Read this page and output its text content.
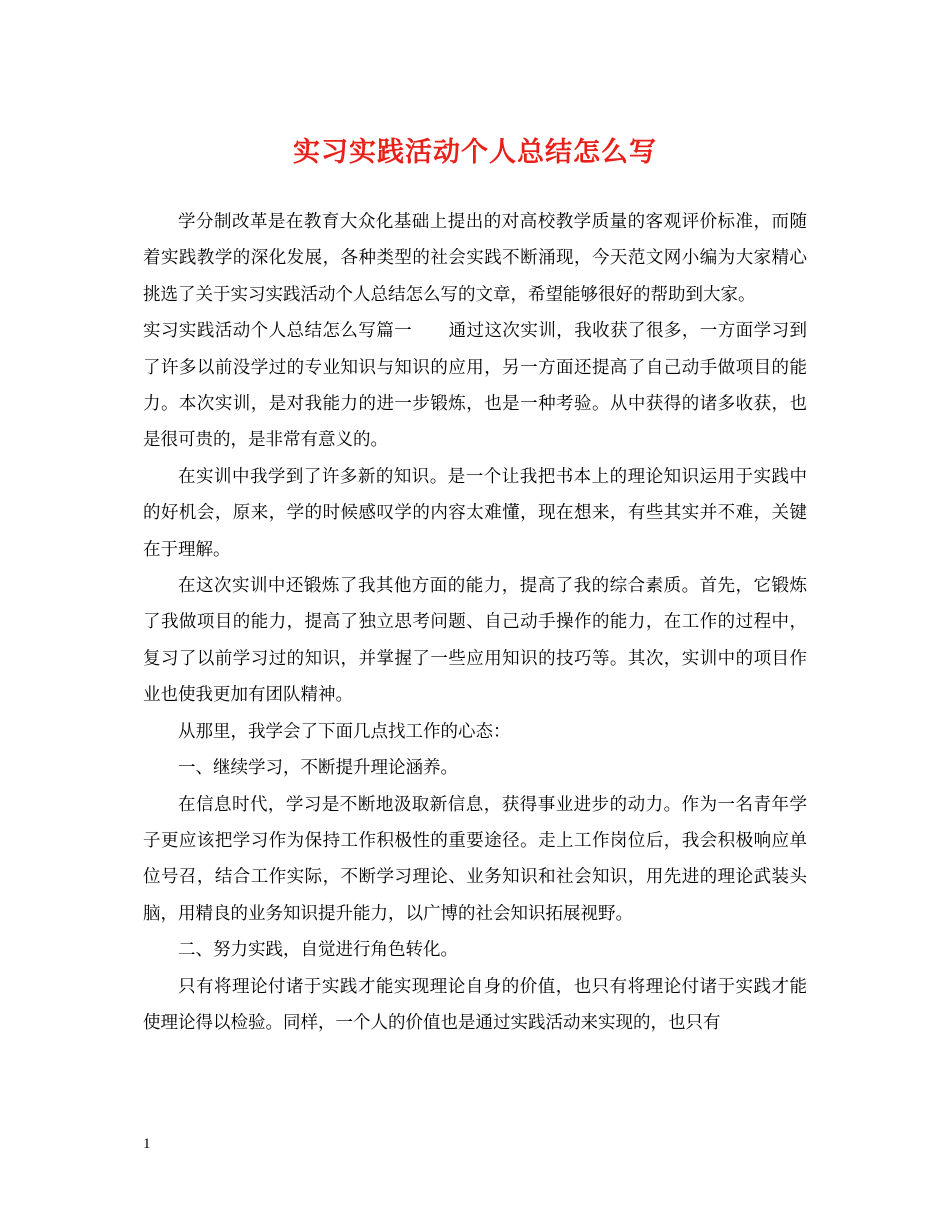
实习实践活动个人总结怎么写

学分制改革是在教育大众化基础上提出的对高校教学质量的客观评价标准，而随着实践教学的深化发展，各种类型的社会实践不断涌现，今天范文网小编为大家精心挑选了关于实习实践活动个人总结怎么写的文章，希望能够很好的帮助到大家。

实习实践活动个人总结怎么写篇一 通过这次实训，我收获了很多，一方面学习到了许多以前没学过的专业知识与知识的应用，另一方面还提高了自己动手做项目的能力。本次实训，是对我能力的进一步锻炼，也是一种考验。从中获得的诸多收获，也是很可贵的，是非常有意义的。

在实训中我学到了许多新的知识。是一个让我把书本上的理论知识运用于实践中的好机会，原来，学的时候感叹学的内容太难懂，现在想来，有些其实并不难，关键在于理解。

在这次实训中还锻炼了我其他方面的能力，提高了我的综合素质。首先，它锻炼了我做项目的能力，提高了独立思考问题、自己动手操作的能力，在工作的过程中，复习了以前学习过的知识，并掌握了一些应用知识的技巧等。其次，实训中的项目作业也使我更加有团队精神。

从那里，我学会了下面几点找工作的心态：

一、继续学习，不断提升理论涵养。

在信息时代，学习是不断地汲取新信息，获得事业进步的动力。作为一名青年学子更应该把学习作为保持工作积极性的重要途径。走上工作岗位后，我会积极响应单位号召，结合工作实际，不断学习理论、业务知识和社会知识，用先进的理论武装头脑，用精良的业务知识提升能力，以广博的社会知识拓展视野。

二、努力实践，自觉进行角色转化。

只有将理论付诸于实践才能实现理论自身的价值，也只有将理论付诸于实践才能使理论得以检验。同样，一个人的价值也是通过实践活动来实现的，也只有

1
